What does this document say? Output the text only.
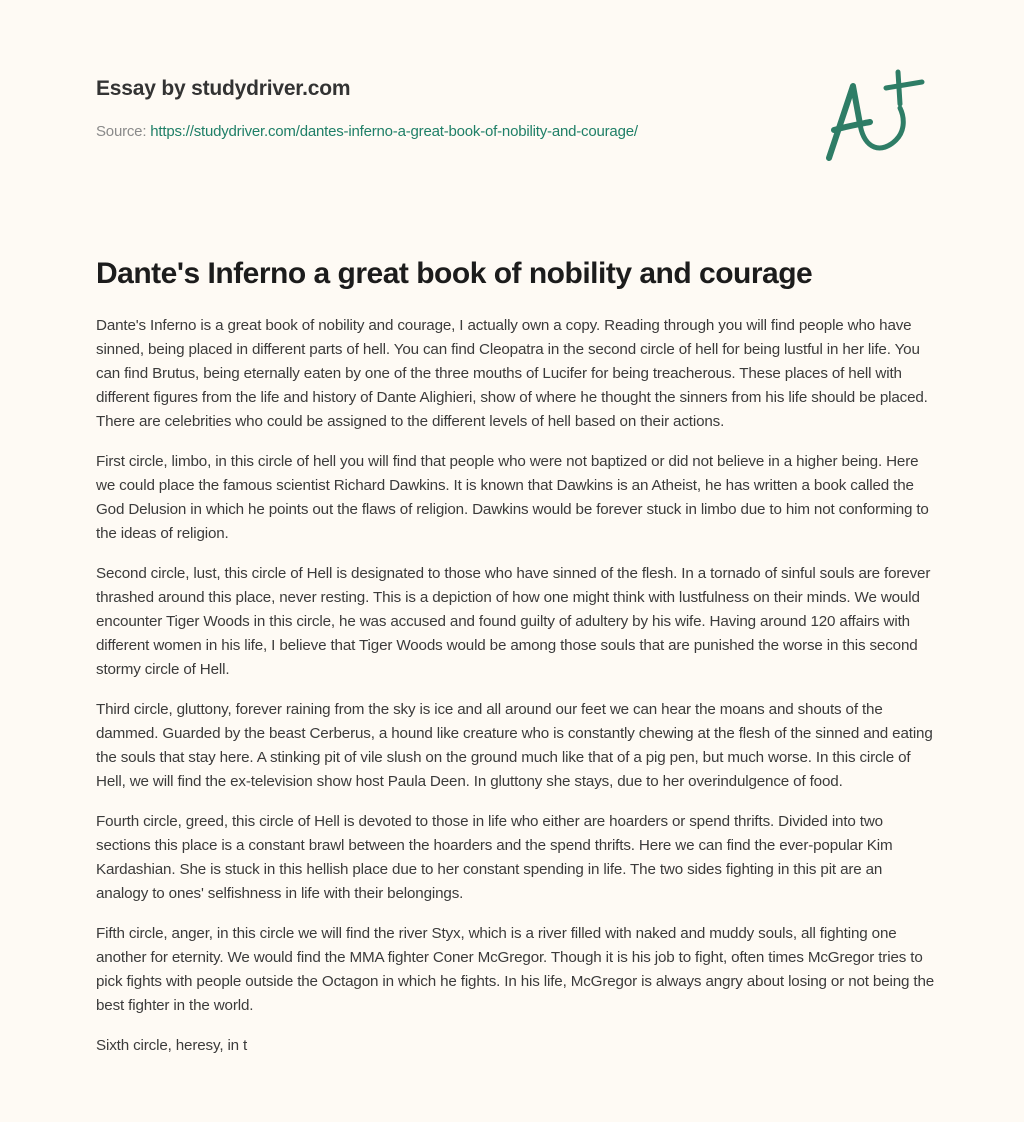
Essay by studydriver.com
Source: https://studydriver.com/dantes-inferno-a-great-book-of-nobility-and-courage/
Dante's Inferno a great book of nobility and courage

Dante's Inferno is a great book of nobility and courage, I actually own a copy. Reading through you will find people who have sinned, being placed in different parts of hell. You can find Cleopatra in the second circle of hell for being lustful in her life. You can find Brutus, being eternally eaten by one of the three mouths of Lucifer for being treacherous. These places of hell with different figures from the life and history of Dante Alighieri, show of where he thought the sinners from his life should be placed. There are celebrities who could be assigned to the different levels of hell based on their actions.

First circle, limbo, in this circle of hell you will find that people who were not baptized or did not believe in a higher being. Here we could place the famous scientist Richard Dawkins. It is known that Dawkins is an Atheist, he has written a book called the God Delusion in which he points out the flaws of religion. Dawkins would be forever stuck in limbo due to him not conforming to the ideas of religion.

Second circle, lust, this circle of Hell is designated to those who have sinned of the flesh. In a tornado of sinful souls are forever thrashed around this place, never resting. This is a depiction of how one might think with lustfulness on their minds. We would encounter Tiger Woods in this circle, he was accused and found guilty of adultery by his wife. Having around 120 affairs with different women in his life, I believe that Tiger Woods would be among those souls that are punished the worse in this second stormy circle of Hell.

Third circle, gluttony, forever raining from the sky is ice and all around our feet we can hear the moans and shouts of the dammed. Guarded by the beast Cerberus, a hound like creature who is constantly chewing at the flesh of the sinned and eating the souls that stay here. A stinking pit of vile slush on the ground much like that of a pig pen, but much worse. In this circle of Hell, we will find the ex-television show host Paula Deen. In gluttony she stays, due to her overindulgence of food.

Fourth circle, greed, this circle of Hell is devoted to those in life who either are hoarders or spend thrifts. Divided into two sections this place is a constant brawl between the hoarders and the spend thrifts. Here we can find the ever-popular Kim Kardashian. She is stuck in this hellish place due to her constant spending in life. The two sides fighting in this pit are an analogy to ones' selfishness in life with their belongings.

Fifth circle, anger, in this circle we will find the river Styx, which is a river filled with naked and muddy souls, all fighting one another for eternity. We would find the MMA fighter Coner McGregor. Though it is his job to fight, often times McGregor tries to pick fights with people outside the Octagon in which he fights. In his life, McGregor is always angry about losing or not being the best fighter in the world.

Sixth circle, heresy, in t
